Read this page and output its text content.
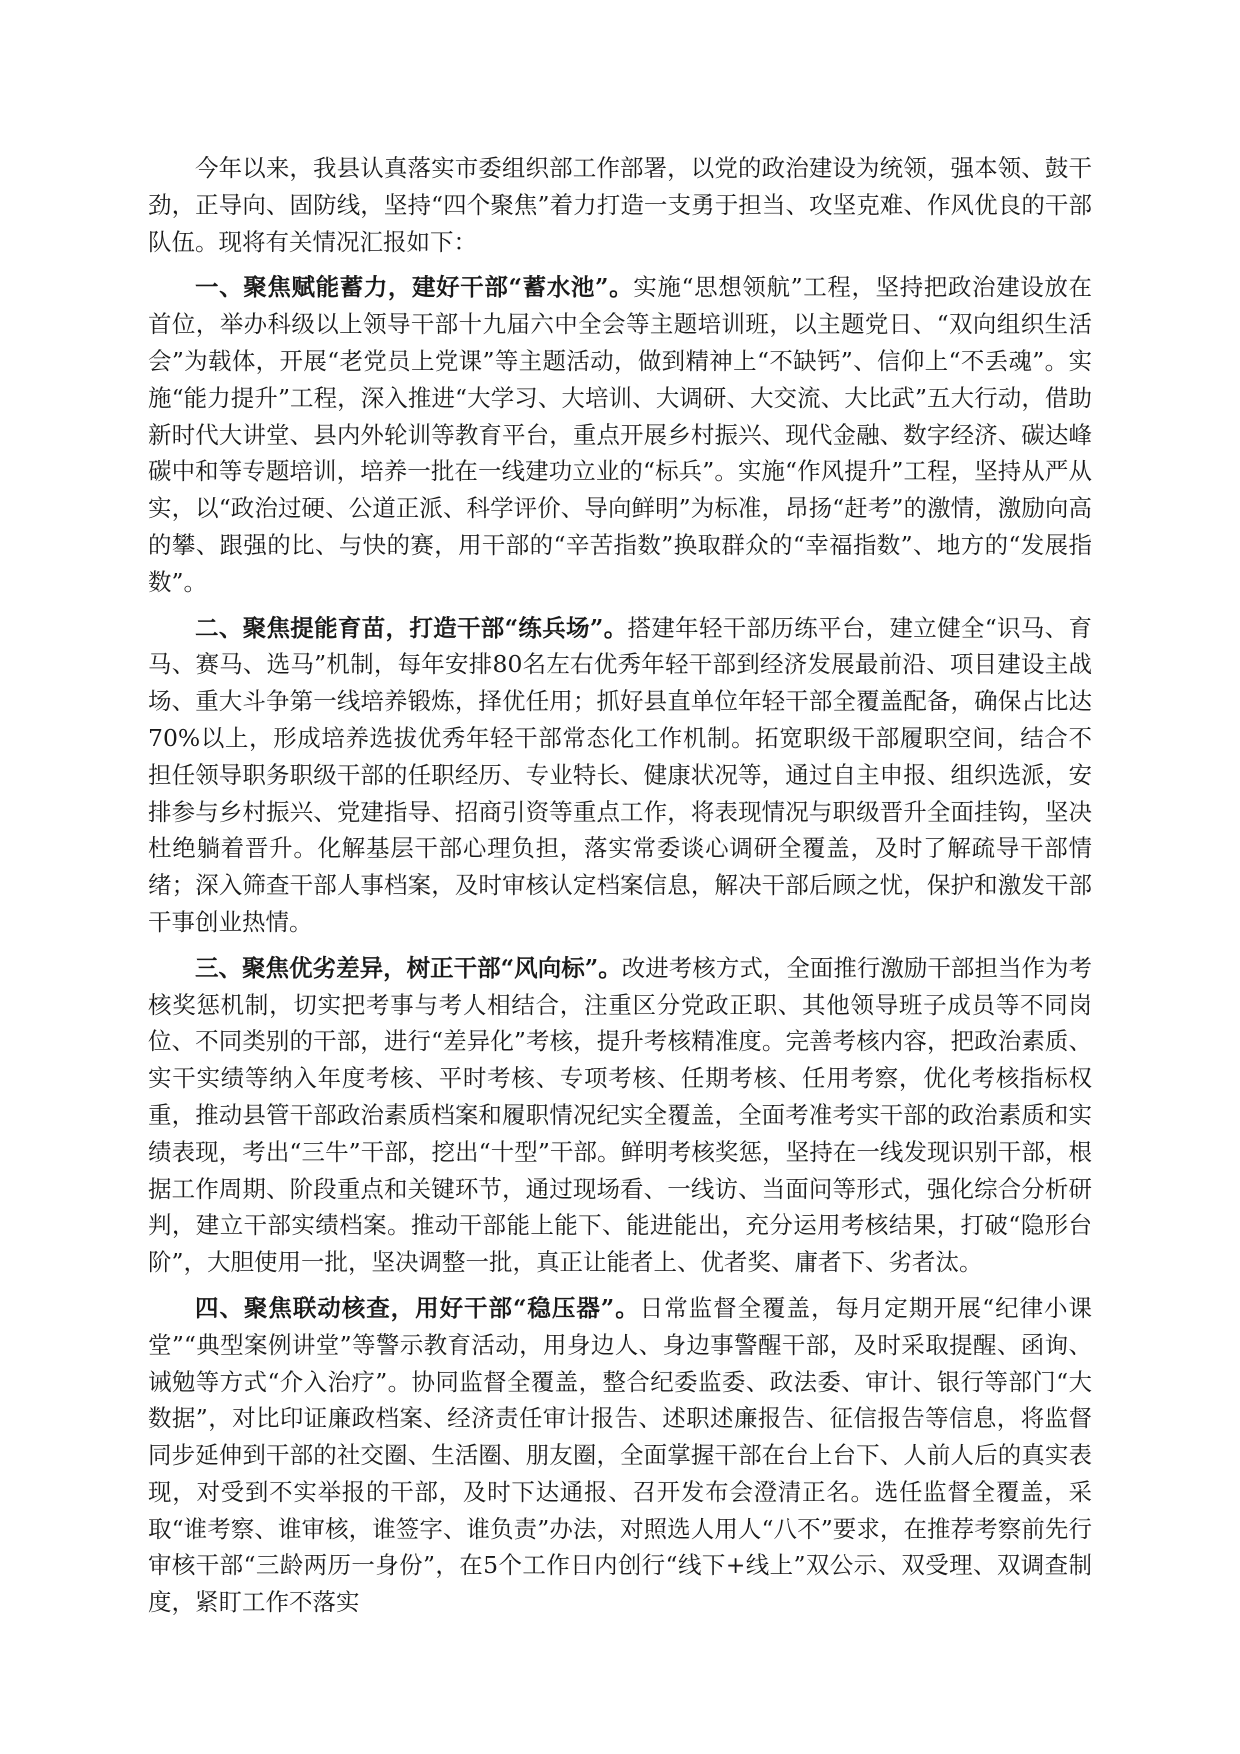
今年以来，我县认真落实市委组织部工作部署，以党的政治建设为统领，强本领、鼓干劲，正导向、固防线，坚持“四个聚焦”着力打造一支勇于担当、攻坚克难、作风优良的干部队伍。现将有关情况汇报如下：

一、聚焦赋能蓄力，建好干部“蓄水池”。实施“思想领航”工程，坚持把政治建设放在首位，举办科级以上领导干部十九届六中全会等主题培训班，以主题党日、“双向组织生活会”为载体，开展“老党员上党课”等主题活动，做到精神上“不缺钙”、信仰上“不丢魂”。实施“能力提升”工程，深入推进“大学习、大培训、大调研、大交流、大比武”五大行动，借助新时代大讲堂、县内外轮训等教育平台，重点开展乡村振兴、现代金融、数字经济、碳达峰碳中和等专题培训，培养一批在一线建功立业的“标兵”。实施“作风提升”工程，坚持从严从实，以“政治过硬、公道正派、科学评价、导向鲜明”为标准，昂扬“赶考”的激情，激励向高的攀、跟强的比、与快的赛，用干部的“辛苦指数”换取群众的“幸福指数”、地方的“发展指数”。

二、聚焦提能育苗，打造干部“练兵场”。搭建年轻干部历练平台，建立健全“识马、育马、赛马、选马”机制，每年安排80名左右优秀年轻干部到经济发展最前沿、项目建设主战场、重大斗争第一线培养锻炼，择优任用；抓好县直单位年轻干部全覆盖配备，确保占比达70%以上，形成培养选拔优秀年轻干部常态化工作机制。拓宽职级干部履职空间，结合不担任领导职务职级干部的任职经历、专业特长、健康状况等，通过自主申报、组织选派，安排参与乡村振兴、党建指导、招商引资等重点工作，将表现情况与职级晋升全面挂钩，坚决杜绝躺着晋升。化解基层干部心理负担，落实常委谈心调研全覆盖，及时了解疏导干部情绪；深入筛查干部人事档案，及时审核认定档案信息，解决干部后顾之忧，保护和激发干部干事创业热情。

三、聚焦优劣差异，树正干部“风向标”。改进考核方式，全面推行激励干部担当作为考核奖惩机制，切实把考事与考人相结合，注重区分党政正职、其他领导班子成员等不同岗位、不同类别的干部，进行“差异化”考核，提升考核精准度。完善考核内容，把政治素质、实干实绩等纳入年度考核、平时考核、专项考核、任期考核、任用考察，优化考核指标权重，推动县管干部政治素质档案和履职情况纪实全覆盖，全面考准考实干部的政治素质和实绩表现，考出“三牛”干部，挖出“十型”干部。鲜明考核奖惩，坚持在一线发现识别干部，根据工作周期、阶段重点和关键环节，通过现场看、一线访、当面问等形式，强化综合分析研判，建立干部实绩档案。推动干部能上能下、能进能出，充分运用考核结果，打破“隐形台阶”，大胆使用一批，坚决调整一批，真正让能者上、优者奖、庸者下、劣者汰。

四、聚焦联动核查，用好干部“稳压器”。日常监督全覆盖，每月定期开展“纪律小课堂”“典型案例讲堂”等警示教育活动，用身边人、身边事警醒干部，及时采取提醒、函询、诫勉等方式“介入治疗”。协同监督全覆盖，整合纪委监委、政法委、审计、银行等部门“大数据”，对比印证廉政档案、经济责任审计报告、述职述廉报告、征信报告等信息，将监督同步延伸到干部的社交圈、生活圈、朋友圈，全面掌握干部在台上台下、人前人后的真实表现，对受到不实举报的干部，及时下达通报、召开发布会澄清正名。选任监督全覆盖，采取“谁考察、谁审核，谁签字、谁负责”办法，对照选人用人“八不”要求，在推荐考察前先行审核干部“三龄两历一身份”，在5个工作日内创行“线下+线上”双公示、双受理、双调查制度，紧盯工作不落实
